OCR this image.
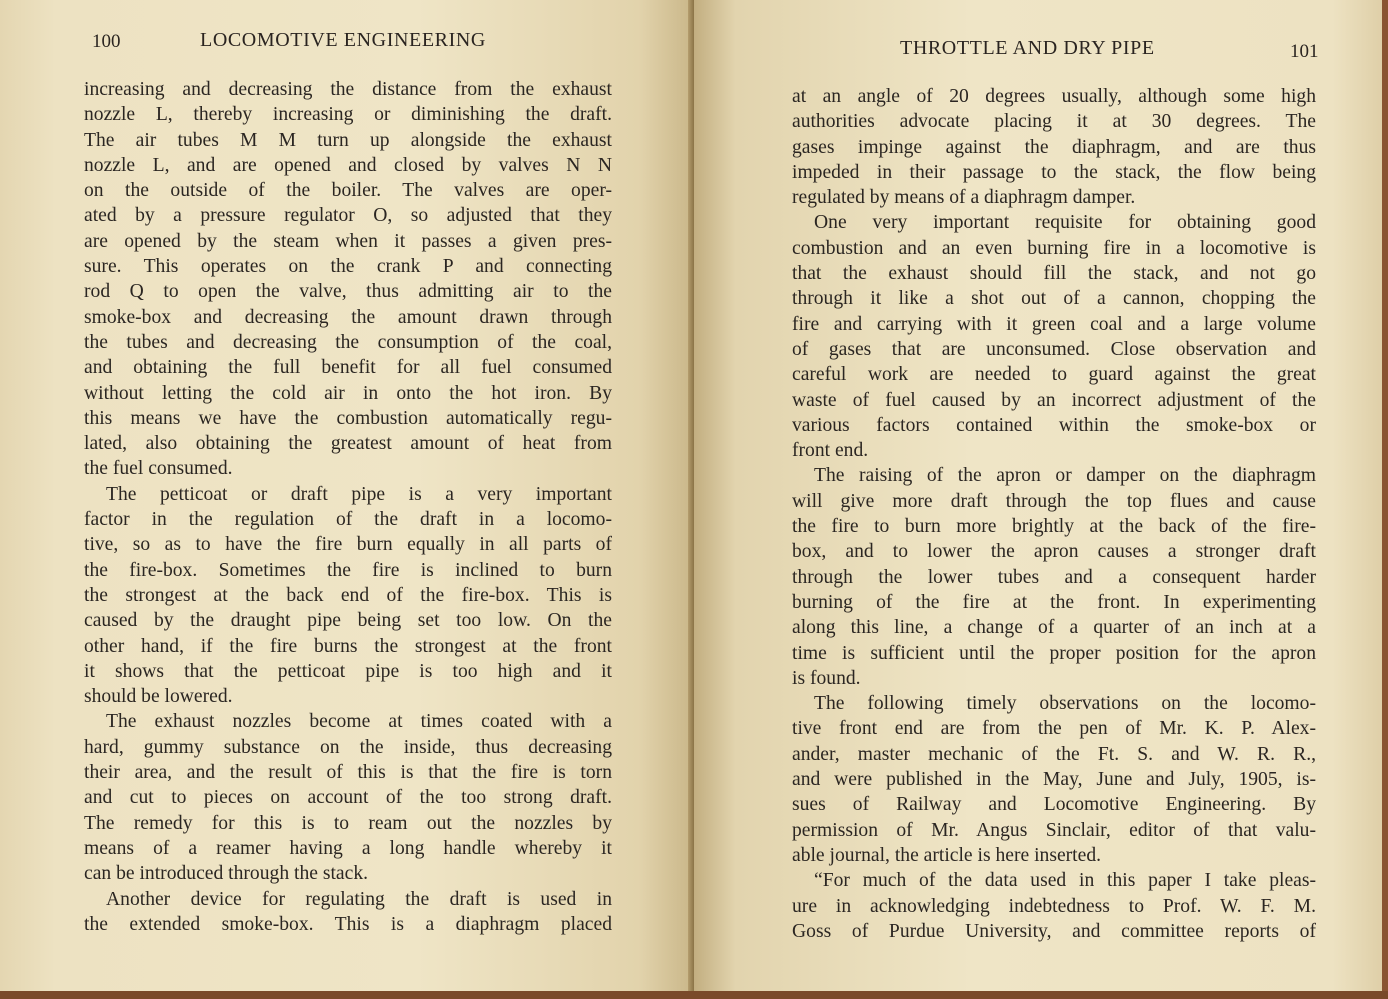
100	LOCOMOTIVE ENGINEERING
increasing and decreasing the distance from the exhaust
nozzle L, thereby increasing or diminishing the draft.
The air tubes M M turn up alongside the exhaust
nozzle L, and are opened and closed by valves N N
on the outside of the boiler. The valves are oper-
ated by a pressure regulator O, so adjusted that they
are opened by the steam when it passes a given pres-
sure. This operates on the crank P and connecting
rod Q to open the valve, thus admitting air to the
smoke-box and decreasing the amount drawn through
the tubes and decreasing the consumption of the coal,
and obtaining the full benefit for all fuel consumed
without letting the cold air in onto the hot iron. By
this means we have the combustion automatically regu-
lated, also obtaining the greatest amount of heat from
the fuel consumed.
The petticoat or draft pipe is a very important
factor in the regulation of the draft in a locomo-
tive, so as to have the fire burn equally in all parts of
the fire-box. Sometimes the fire is inclined to burn
the strongest at the back end of the fire-box. This is
caused by the draught pipe being set too low. On the
other hand, if the fire burns the strongest at the front
it shows that the petticoat pipe is too high and it
should be lowered.
The exhaust nozzles become at times coated with a
hard, gummy substance on the inside, thus decreasing
their area, and the result of this is that the fire is torn
and cut to pieces on account of the too strong draft.
The remedy for this is to ream out the nozzles by
means of a reamer having a long handle whereby it
can be introduced through the stack.
Another device for regulating the draft is used in
the extended smoke-box. This is a diaphragm placed
THROTTLE AND DRY PIPE	101
at an angle of 20 degrees usually, although some high
authorities advocate placing it at 30 degrees. The
gases impinge against the diaphragm, and are thus
impeded in their passage to the stack, the flow being
regulated by means of a diaphragm damper.
One very important requisite for obtaining good
combustion and an even burning fire in a locomotive is
that the exhaust should fill the stack, and not go
through it like a shot out of a cannon, chopping the
fire and carrying with it green coal and a large volume
of gases that are unconsumed. Close observation and
careful work are needed to guard against the great
waste of fuel caused by an incorrect adjustment of the
various factors contained within the smoke-box or
front end.
The raising of the apron or damper on the diaphragm
will give more draft through the top flues and cause
the fire to burn more brightly at the back of the fire-
box, and to lower the apron causes a stronger draft
through the lower tubes and a consequent harder
burning of the fire at the front. In experimenting
along this line, a change of a quarter of an inch at a
time is sufficient until the proper position for the apron
is found.
The following timely observations on the locomo-
tive front end are from the pen of Mr. K. P. Alex-
ander, master mechanic of the Ft. S. and W. R. R.,
and were published in the May, June and July, 1905, is-
sues of Railway and Locomotive Engineering. By
permission of Mr. Angus Sinclair, editor of that valu-
able journal, the article is here inserted.
“For much of the data used in this paper I take pleas-
ure in acknowledging indebtedness to Prof. W. F. M.
Goss of Purdue University, and committee reports of
